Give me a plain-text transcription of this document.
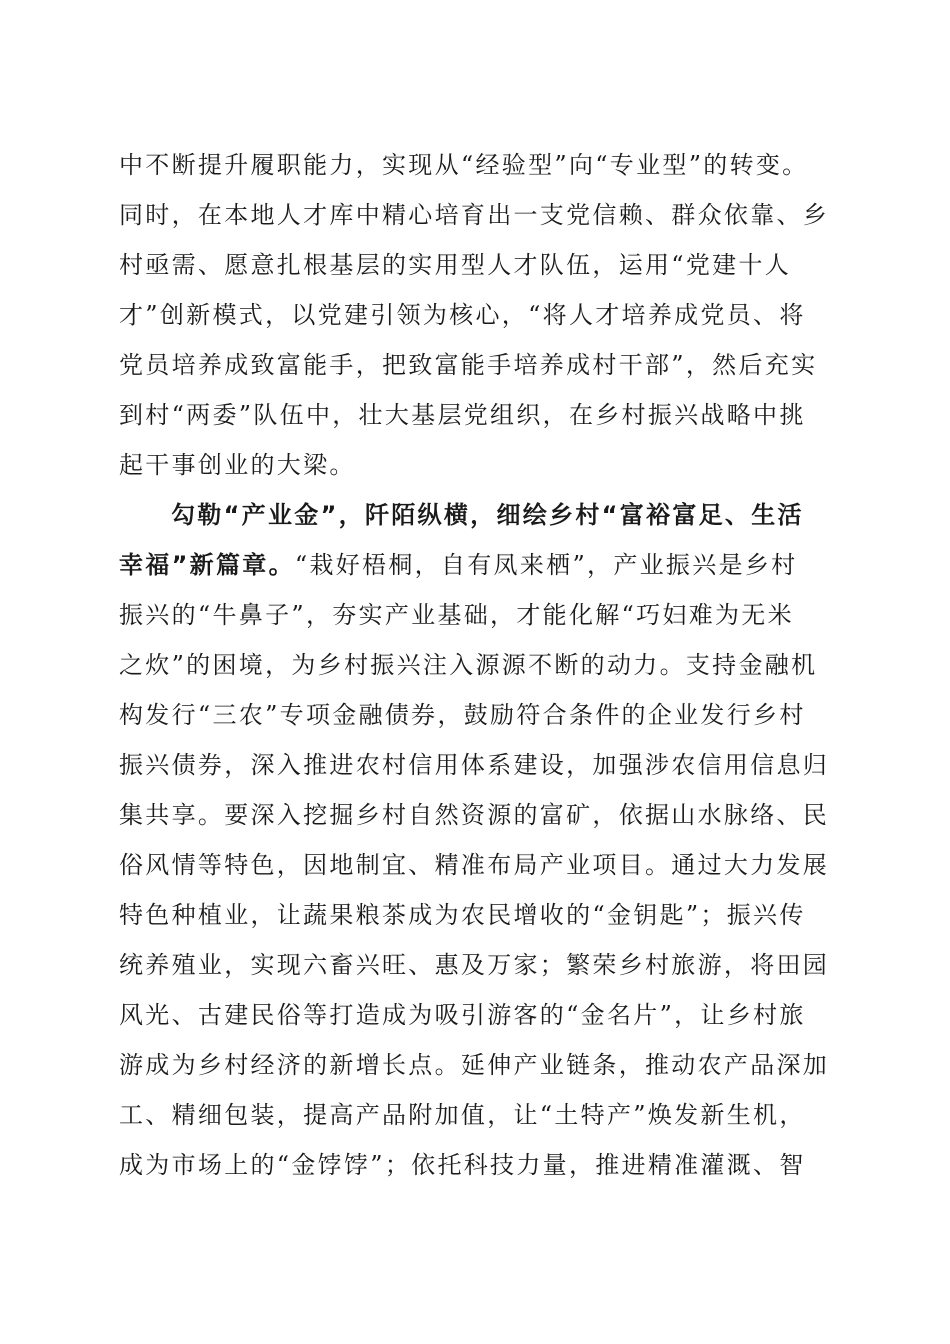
中不断提升履职能力，实现从“经验型”向“专业型”的转变。

同时，在本地人才库中精心培育出一支党信赖、群众依靠、乡

村亟需、愿意扎根基层的实用型人才队伍，运用“党建十人

才”创新模式，以党建引领为核心，“将人才培养成党员、将

党员培养成致富能手，把致富能手培养成村干部”，然后充实

到村“两委”队伍中，壮大基层党组织，在乡村振兴战略中挑

起干事创业的大梁。

勾勒“产业金”，阡陌纵横，细绘乡村“富裕富足、生活

幸福”新篇章。“栽好梧桐，自有凤来栖”，产业振兴是乡村

振兴的“牛鼻子”，夯实产业基础，才能化解“巧妇难为无米

之炊”的困境，为乡村振兴注入源源不断的动力。支持金融机

构发行“三农”专项金融债券，鼓励符合条件的企业发行乡村

振兴债券，深入推进农村信用体系建设，加强涉农信用信息归

集共享。要深入挖掘乡村自然资源的富矿，依据山水脉络、民

俗风情等特色，因地制宜、精准布局产业项目。通过大力发展

特色种植业，让蔬果粮茶成为农民增收的“金钥匙”；振兴传

统养殖业，实现六畜兴旺、惠及万家；繁荣乡村旅游，将田园

风光、古建民俗等打造成为吸引游客的“金名片”，让乡村旅

游成为乡村经济的新增长点。延伸产业链条，推动农产品深加

工、精细包装，提高产品附加值，让“土特产”焕发新生机，

成为市场上的“金饽饽”；依托科技力量，推进精准灌溉、智
